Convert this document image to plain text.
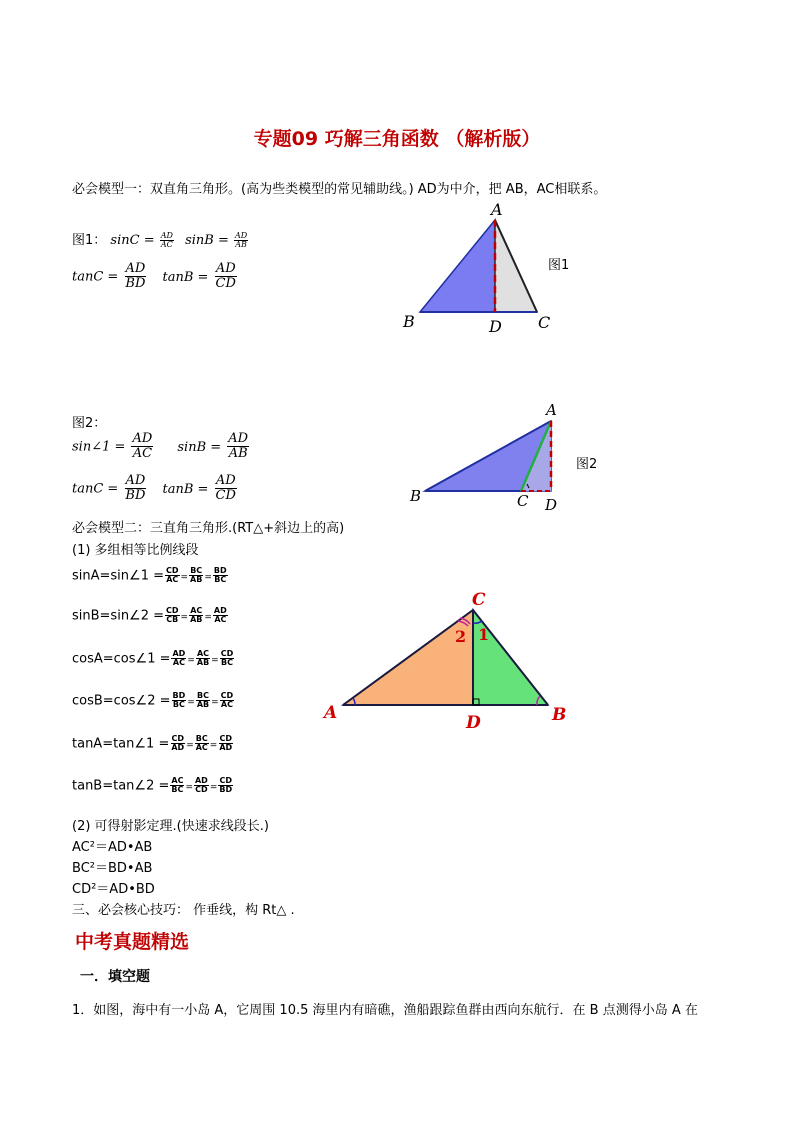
专题09 巧解三角函数 （解析版）
必会模型一：双直角三角形。(高为些类模型的常见辅助线。) AD为中介，把 AB，AC相联系。
图1： $\sin C = \frac{AD}{AC}$ $\sin B = \frac{AD}{AB}$
$\tan C = \frac{AD}{BD}$ $\tan B = \frac{AD}{CD}$
A
B	D C
图1
图2：
sin∠1 = $\frac{AD}{AC}$ $\sin B = \frac{AD}{AB}$
$\tan C = \frac{AD}{BD}$ $\tan B = \frac{AD}{CD}$
A
B	C D
图2
必会模型二：三直角三角形.(RT△+斜边上的高)
(1) 多组相等比例线段
sinA=sin∠1 = $\frac{CD}{AC} = \frac{BC}{AB} = \frac{BD}{BC}$
sinB=sin∠2 = $\frac{CD}{CB} = \frac{AC}{AB} = \frac{AD}{AC}$
cosA=cos∠1 = $\frac{AD}{AC} = \frac{AC}{AB} = \frac{CD}{BC}$
cosB=cos∠2 = $\frac{BD}{BC} = \frac{BC}{AB} = \frac{CD}{AC}$
tanA=tan∠1 = $\frac{CD}{AD} = \frac{BC}{AC} = \frac{CD}{AD}$
tanB=tan∠2 = $\frac{AC}{BC} = \frac{AD}{CD} = \frac{CD}{BD}$
C
A	D	B
2 1
(2) 可得射影定理.(快速求线段长.)
AC²＝AD•AB
BC²＝BD•AB
CD²＝AD•BD
三、必会核心技巧： 作垂线，构 Rt△ .
中考真题精选
一．填空题
1．如图，海中有一小岛 A，它周围 10.5 海里内有暗礁，渔船跟踪鱼群由西向东航行．在 B 点测得小岛 A 在
